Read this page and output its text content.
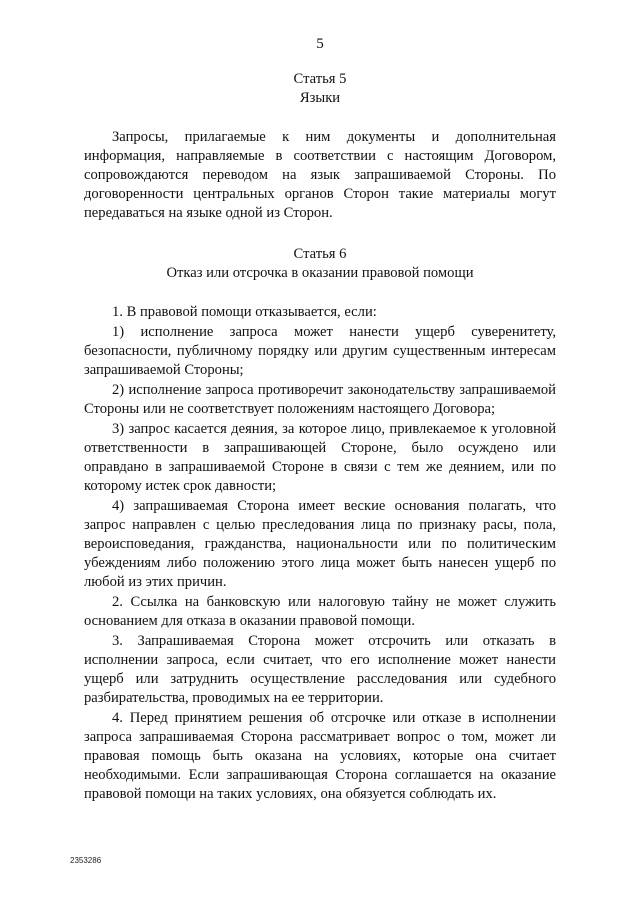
5
Статья 5
Языки

Запросы, прилагаемые к ним документы и дополнительная информация, направляемые в соответствии с настоящим Договором, сопровождаются переводом на язык запрашиваемой Стороны. По договоренности центральных органов Сторон такие материалы могут передаваться на языке одной из Сторон.

Статья 6
Отказ или отсрочка в оказании правовой помощи

1. В правовой помощи отказывается, если:

1) исполнение запроса может нанести ущерб суверенитету, безопасности, публичному порядку или другим существенным интересам запрашиваемой Стороны;

2) исполнение запроса противоречит законодательству запрашиваемой Стороны или не соответствует положениям настоящего Договора;

3) запрос касается деяния, за которое лицо, привлекаемое к уголовной ответственности в запрашивающей Стороне, было осуждено или оправдано в запрашиваемой Стороне в связи с тем же деянием, или по которому истек срок давности;

4) запрашиваемая Сторона имеет веские основания полагать, что запрос направлен с целью преследования лица по признаку расы, пола, вероисповедания, гражданства, национальности или по политическим убеждениям либо положению этого лица может быть нанесен ущерб по любой из этих причин.

2. Ссылка на банковскую или налоговую тайну не может служить основанием для отказа в оказании правовой помощи.

3. Запрашиваемая Сторона может отсрочить или отказать в исполнении запроса, если считает, что его исполнение может нанести ущерб или затруднить осуществление расследования или судебного разбирательства, проводимых на ее территории.

4. Перед принятием решения об отсрочке или отказе в исполнении запроса запрашиваемая Сторона рассматривает вопрос о том, может ли правовая помощь быть оказана на условиях, которые она считает необходимыми. Если запрашивающая Сторона соглашается на оказание правовой помощи на таких условиях, она обязуется соблюдать их.

2353286
